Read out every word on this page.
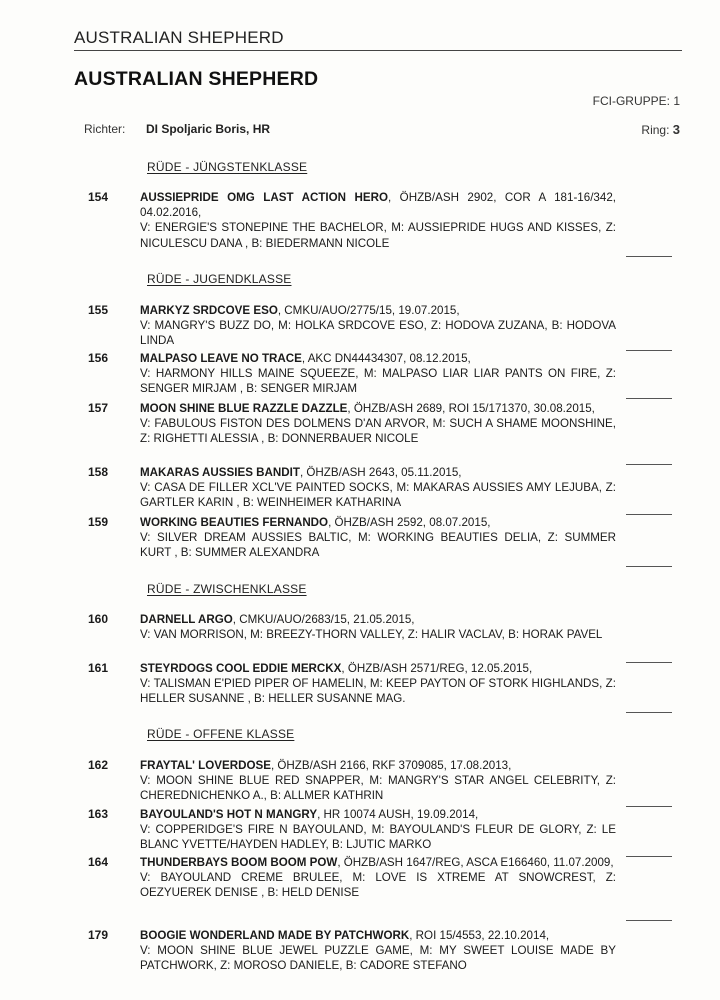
AUSTRALIAN SHEPHERD
AUSTRALIAN SHEPHERD
FCI-GRUPPE: 1
Richter: DI Spoljaric Boris, HR	Ring: 3
RÜDE - JÜNGSTENKLASSE
154	AUSSIEPRIDE OMG LAST ACTION HERO, ÖHZB/ASH 2902, COR A 181-16/342, 04.02.2016,
V: ENERGIE'S STONEPINE THE BACHELOR, M: AUSSIEPRIDE HUGS AND KISSES, Z: NICULESCU DANA , B: BIEDERMANN NICOLE
RÜDE - JUGENDKLASSE
155	MARKYZ SRDCOVE ESO, CMKU/AUO/2775/15, 19.07.2015,
V: MANGRY'S BUZZ DO, M: HOLKA SRDCOVE ESO, Z: HODOVA ZUZANA, B: HODOVA LINDA
156	MALPASO LEAVE NO TRACE, AKC DN44434307, 08.12.2015,
V: HARMONY HILLS MAINE SQUEEZE, M: MALPASO LIAR LIAR PANTS ON FIRE, Z: SENGER MIRJAM , B: SENGER MIRJAM
157	MOON SHINE BLUE RAZZLE DAZZLE, ÖHZB/ASH 2689, ROI 15/171370, 30.08.2015,
V: FABULOUS FISTON DES DOLMENS D'AN ARVOR, M: SUCH A SHAME MOONSHINE, Z: RIGHETTI ALESSIA , B: DONNERBAUER NICOLE
158	MAKARAS AUSSIES BANDIT, ÖHZB/ASH 2643, 05.11.2015,
V: CASA DE FILLER XCL'VE PAINTED SOCKS, M: MAKARAS AUSSIES AMY LEJUBA, Z: GARTLER KARIN , B: WEINHEIMER KATHARINA
159	WORKING BEAUTIES FERNANDO, ÖHZB/ASH 2592, 08.07.2015,
V: SILVER DREAM AUSSIES BALTIC, M: WORKING BEAUTIES DELIA, Z: SUMMER KURT , B: SUMMER ALEXANDRA
RÜDE - ZWISCHENKLASSE
160	DARNELL ARGO, CMKU/AUO/2683/15, 21.05.2015,
V: VAN MORRISON, M: BREEZY-THORN VALLEY, Z: HALIR VACLAV, B: HORAK PAVEL
161	STEYRDOGS COOL EDDIE MERCKX, ÖHZB/ASH 2571/REG, 12.05.2015,
V: TALISMAN E'PIED PIPER OF HAMELIN, M: KEEP PAYTON OF STORK HIGHLANDS, Z: HELLER SUSANNE , B: HELLER SUSANNE MAG.
RÜDE - OFFENE KLASSE
162	FRAYTAL' LOVERDOSE, ÖHZB/ASH 2166, RKF 3709085, 17.08.2013,
V: MOON SHINE BLUE RED SNAPPER, M: MANGRY'S STAR ANGEL CELEBRITY, Z: CHEREDNICHENKO A., B: ALLMER KATHRIN
163	BAYOULAND'S HOT N MANGRY, HR 10074 AUSH, 19.09.2014,
V: COPPERIDGE'S FIRE N BAYOULAND, M: BAYOULAND'S FLEUR DE GLORY, Z: LE BLANC YVETTE/HAYDEN HADLEY, B: LJUTIC MARKO
164	THUNDERBAYS BOOM BOOM POW, ÖHZB/ASH 1647/REG, ASCA E166460, 11.07.2009,
V: BAYOULAND CREME BRULEE, M: LOVE IS XTREME AT SNOWCREST, Z: OEZYUEREK DENISE , B: HELD DENISE
179	BOOGIE WONDERLAND MADE BY PATCHWORK, ROI 15/4553, 22.10.2014,
V: MOON SHINE BLUE JEWEL PUZZLE GAME, M: MY SWEET LOUISE MADE BY PATCHWORK, Z: MOROSO DANIELE, B: CADORE STEFANO
